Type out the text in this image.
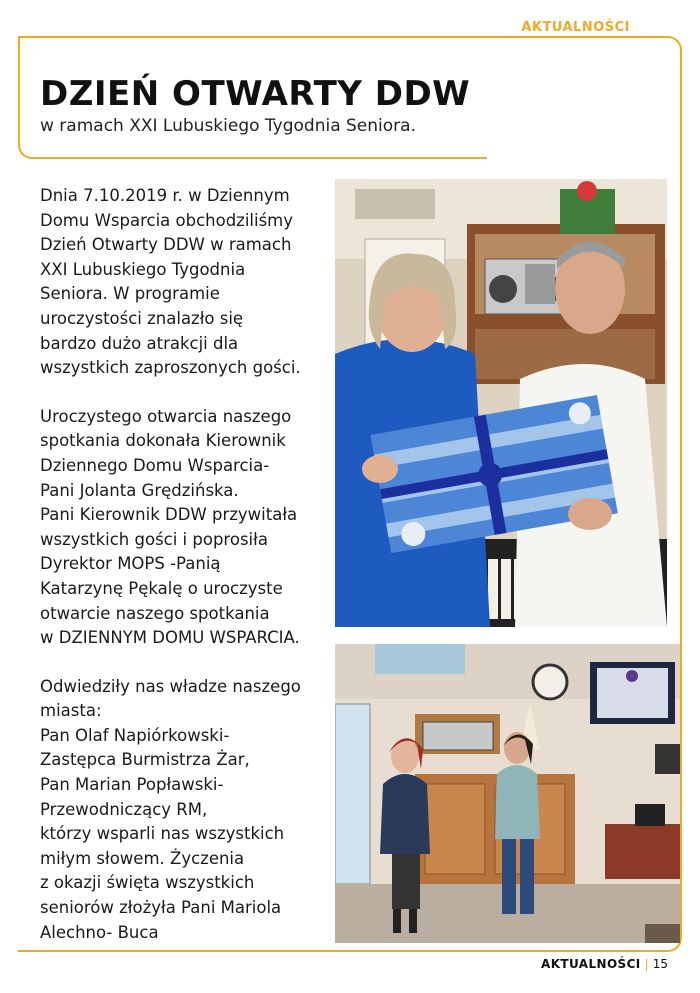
AKTUALNOŚCI
DZIEŃ OTWARTY DDW

w ramach XXI Lubuskiego Tygodnia Seniora.

Dnia 7.10.2019 r. w Dziennym
Domu Wsparcia obchodziliśmy
Dzień Otwarty DDW w ramach
XXI Lubuskiego Tygodnia
Seniora. W programie
uroczystości znalazło się
bardzo dużo atrakcji dla
wszystkich zaproszonych gości.

Uroczystego otwarcia naszego
spotkania dokonała Kierownik
Dziennego Domu Wsparcia-
Pani Jolanta Grędzińska.
Pani Kierownik DDW przywitała
wszystkich gości i poprosiła
Dyrektor MOPS -Panią
Katarzynę Pękalę o uroczyste
otwarcie naszego spotkania
w DZIENNYM DOMU WSPARCIA.

Odwiedziły nas władze naszego
miasta:
Pan Olaf Napiórkowski-
Zastępca Burmistrza Żar,
Pan Marian Popławski-
Przewodniczący RM,
którzy wsparli nas wszystkich
miłym słowem. Życzenia
z okazji święta wszystkich
seniorów złożyła Pani Mariola
Alechno- Buca

AKTUALNOŚCI | 15
